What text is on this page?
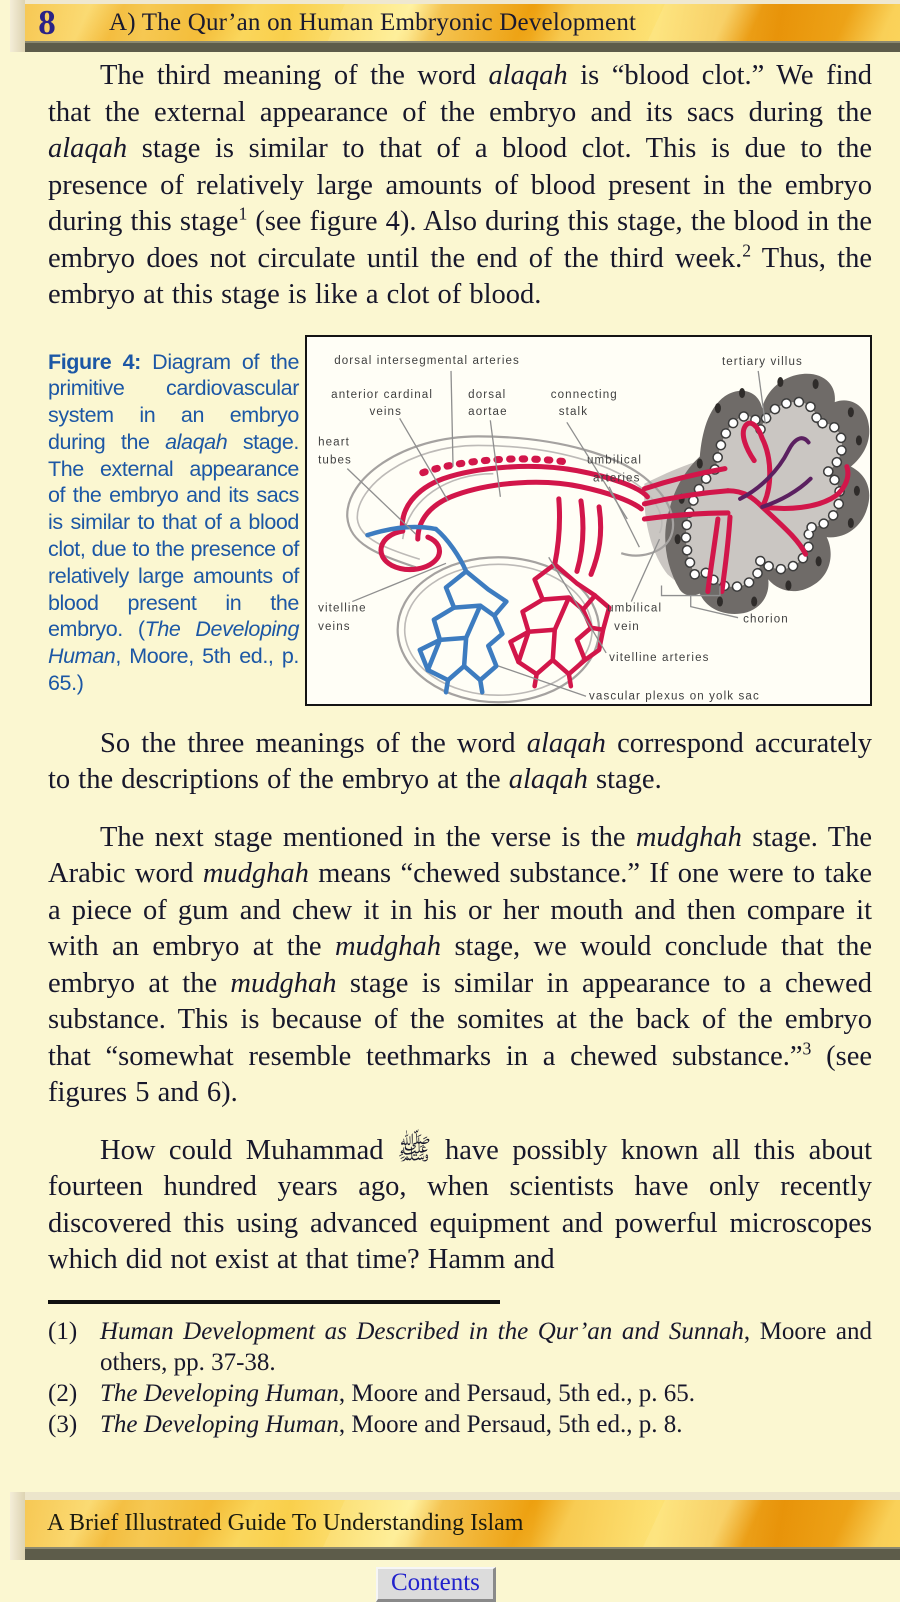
8	A) The Qur’an on Human Embryonic Development

The third meaning of the word alaqah is “blood clot.” We find that the external appearance of the embryo and its sacs during the alaqah stage is similar to that of a blood clot. This is due to the presence of relatively large amounts of blood present in the embryo during this stage$^1$ (see figure 4). Also during this stage, the blood in the embryo does not circulate until the end of the third week.$^2$ Thus, the embryo at this stage is like a clot of blood.

Figure 4: Diagram of the primitive cardiovascular system in an embryo during the alaqah stage. The external appearance of the embryo and its sacs is similar to that of a blood clot, due to the presence of relatively large amounts of blood present in the embryo. (The Developing Human, Moore, 5th ed., p. 65.)
dorsal intersegmental arteries	tertiary villus
anterior cardinal
veins
dorsal
aortae
connecting
stalk
heart
tubes	umbilical
arteries
vitelline
veins
umbilical
vein
chorion
vitelline arteries
vascular plexus on yolk sac

So the three meanings of the word alaqah correspond accurately to the descriptions of the embryo at the alaqah stage.

The next stage mentioned in the verse is the mudghah stage. The Arabic word mudghah means “chewed substance.” If one were to take a piece of gum and chew it in his or her mouth and then compare it with an embryo at the mudghah stage, we would conclude that the embryo at the mudghah stage is similar in appearance to a chewed substance. This is because of the somites at the back of the embryo that “somewhat resemble teethmarks in a chewed substance.”$^3$ (see figures 5 and 6).

How could Muhammad ﷺ have possibly known all this about fourteen hundred years ago, when scientists have only recently discovered this using advanced equipment and powerful microscopes which did not exist at that time? Hamm and

(1) Human Development as Described in the Qur’an and Sunnah, Moore and others, pp. 37-38.
(2) The Developing Human, Moore and Persaud, 5th ed., p. 65.
(3) The Developing Human, Moore and Persaud, 5th ed., p. 8.
A Brief Illustrated Guide To Understanding Islam
Contents
